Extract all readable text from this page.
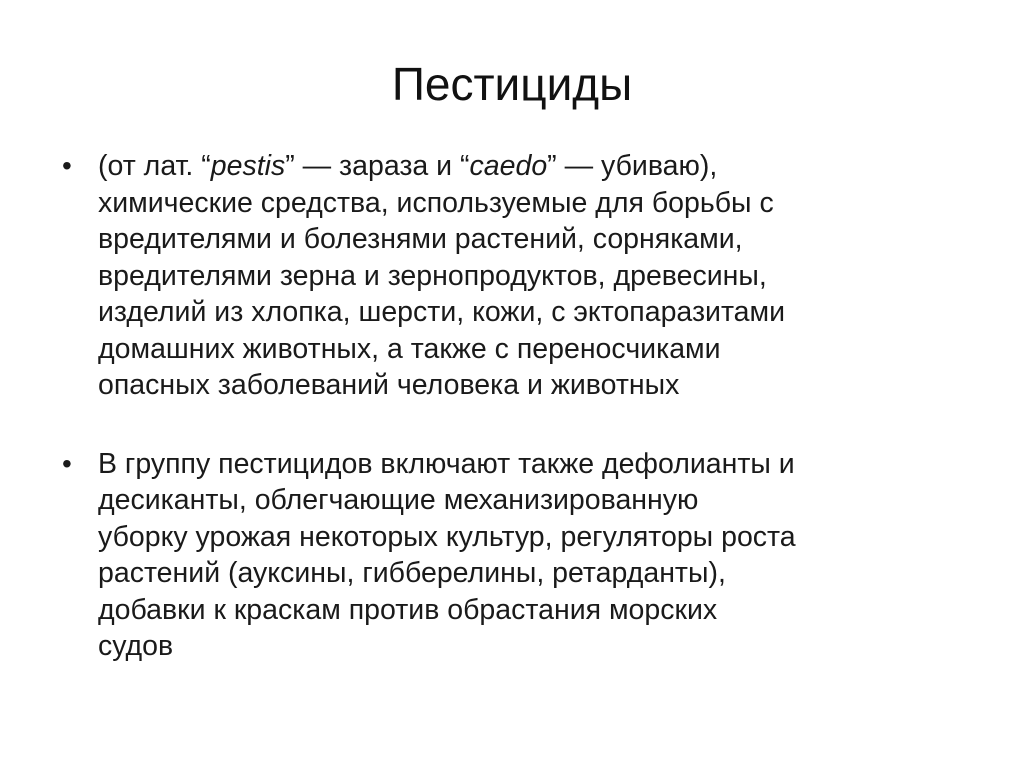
Пестициды
• (от лат. “pestis” — зараза и “caedo” — убиваю),
химические средства, используемые для борьбы с
вредителями и болезнями растений, сорняками,
вредителями зерна и зернопродуктов, древесины,
изделий из хлопка, шерсти, кожи, с эктопаразитами
домашних животных, а также с переносчиками
опасных заболеваний человека и животных
• В группу пестицидов включают также дефолианты и
десиканты, облегчающие механизированную
уборку урожая некоторых культур, регуляторы роста
растений (ауксины, гибберелины, ретарданты),
добавки к краскам против обрастания морских
судов
